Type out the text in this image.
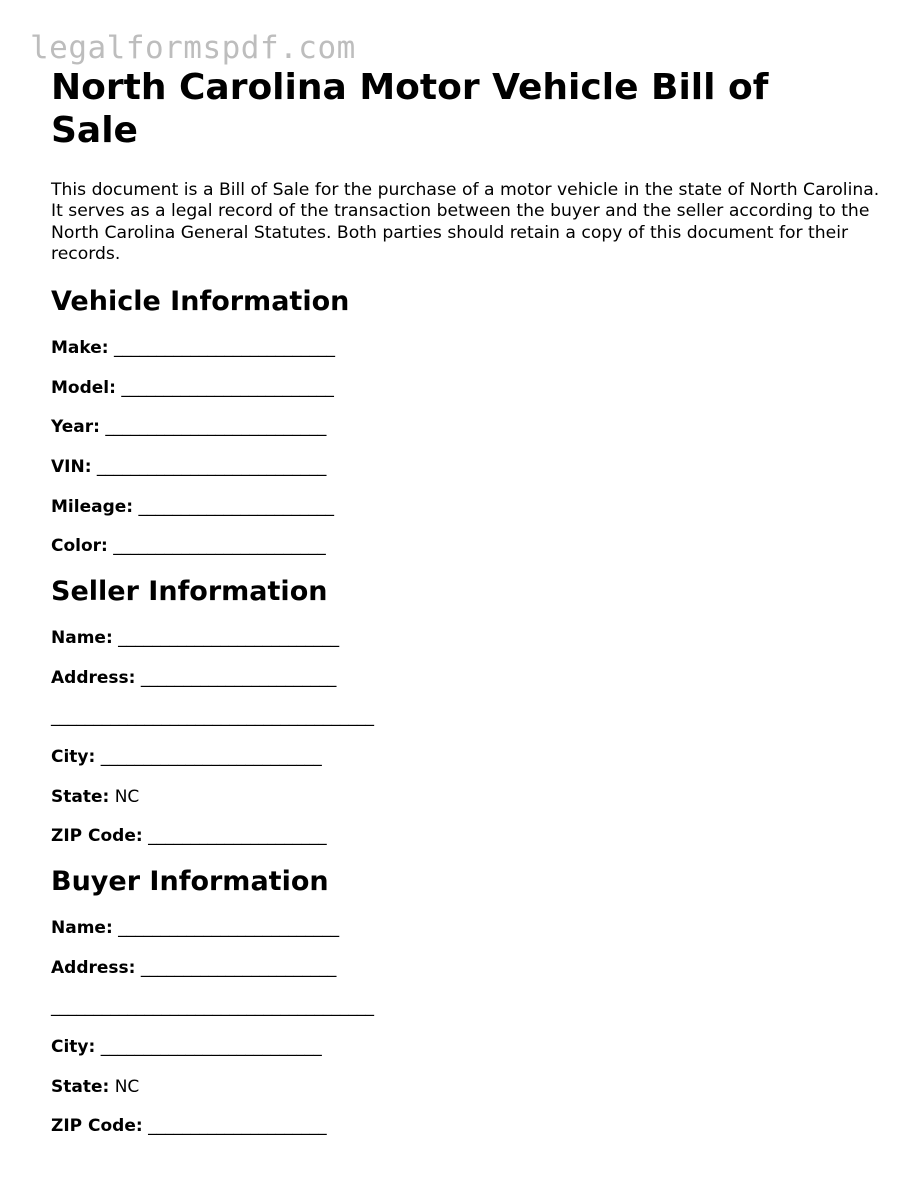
legalformspdf.com
North Carolina Motor Vehicle Bill of Sale

This document is a Bill of Sale for the purchase of a motor vehicle in the state of North Carolina. It serves as a legal record of the transaction between the buyer and the seller according to the North Carolina General Statutes. Both parties should retain a copy of this document for their records.

Vehicle Information

Make: __________________________

Model: _________________________

Year: __________________________

VIN: ___________________________

Mileage: _______________________

Color: _________________________

Seller Information

Name: __________________________

Address: _______________________

______________________________________

City: __________________________

State: NC

ZIP Code: _____________________

Buyer Information

Name: __________________________

Address: _______________________

______________________________________

City: __________________________

State: NC

ZIP Code: _____________________
